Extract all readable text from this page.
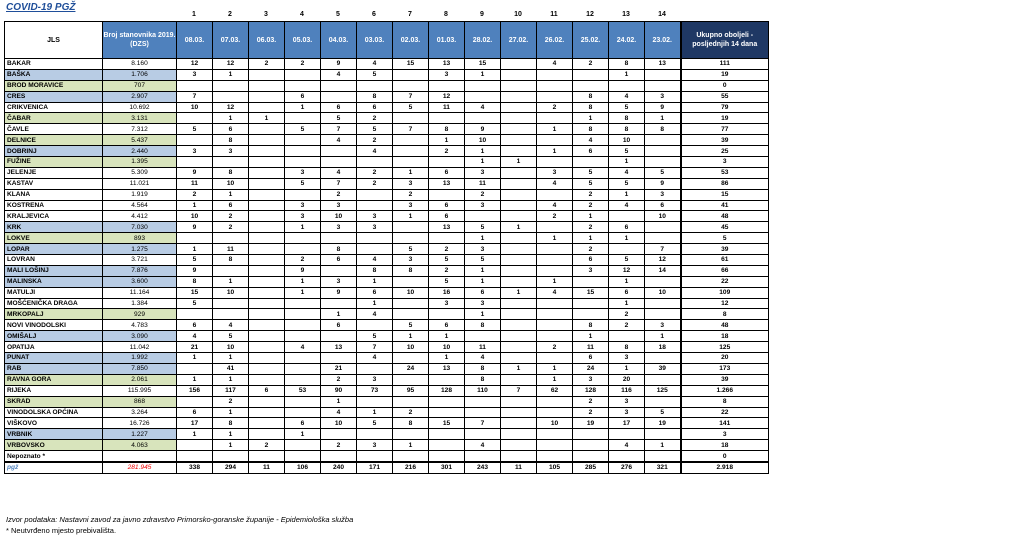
COVID-19 PGŽ
1	2	3	4	5	6	7	8	9	10	11	12	13	14
JLS	Broj stanovnika 2019. (DZS)	08.03.	07.03.	06.03.	05.03.	04.03.	03.03.	02.03.	01.03.	28.02.	27.02.	26.02.	25.02.	24.02.	23.02.	Ukupno oboljeli - posljednjih 14 dana
BAKAR	8.160	12	12	2	2	9	4	15	13	15		4	2	8	13	111
BAŠKA	1.706	3	1			4	5		3	1				1		19
BROD MORAVICE	707															0
CRES	2.907	7			6		8	7	12				8	4	3	55
CRIKVENICA	10.692	10	12		1	6	6	5	11	4		2	8	5	9	79
ČABAR	3.131		1	1		5	2						1	8	1	19
ČAVLE	7.312	5	6		5	7	5	7	8	9		1	8	8	8	77
DELNICE	5.437		8			4	2		1	10			4	10		39
DOBRINJ	2.440	3	3				4		2	1		1	6	5		25
FUŽINE	1.395									1	1			1		3
JELENJE	5.309	9	8		3	4	2	1	6	3		3	5	4	5	53
KASTAV	11.021	11	10		5	7	2	3	13	11		4	5	5	9	86
KLANA	1.919	2	1			2		2		2			2	1	3	15
KOSTRENA	4.564	1	6		3	3		3	6	3		4	2	4	6	41
KRALJEVICA	4.412	10	2		3	10	3	1	6			2	1		10	48
KRK	7.030	9	2		1	3	3		13	5	1		2	6		45
LOKVE	893									1		1	1	1		5
LOPAR	1.275	1	11			8		5	2	3			2		7	39
LOVRAN	3.721	5	8		2	6	4	3	5	5			6	5	12	61
MALI LOŠINJ	7.876	9			9		8	8	2	1			3	12	14	66
MALINSKA	3.600	8	1		1	3	1		5	1		1		1		22
MATULJI	11.164	15	10		1	9	6	10	16	6	1	4	15	6	10	109
MOŠĆENIČKA DRAGA	1.384	5					1		3	3				1		12
MRKOPALJ	929					1	4			1				2		8
NOVI VINODOLSKI	4.783	6	4			6		5	6	8			8	2	3	48
OMIŠALJ	3.090	4	5				5	1	1				1		1	18
OPATIJA	11.042	21	10		4	13	7	10	10	11		2	11	8	18	125
PUNAT	1.992	1	1				4		1	4			6	3		20
RAB	7.850		41			21		24	13	8	1	1	24	1	39	173
RAVNA GORA	2.061	1	1			2	3			8		1	3	20		39
RIJEKA	115.995	156	117	6	53	90	73	95	128	110	7	62	128	116	125	1.266
SKRAD	868		2			1							2	3		8
VINODOLSKA OPĆINA	3.264	6	1			4	1	2					2	3	5	22
VIŠKOVO	16.726	17	8		6	10	5	8	15	7		10	19	17	19	141
VRBNIK	1.227	1	1		1											3
VRBOVSKO	4.063		1	2		2	3	1		4				4	1	18
Nepoznato *																0
pgž	281.945	338	294	11	106	240	171	216	301	243	11	105	285	276	321	2.918
Izvor podataka: Nastavni zavod za javno zdravstvo Primorsko-goranske županije - Epidemiološka služba
* Neutvrđeno mjesto prebivališta.
